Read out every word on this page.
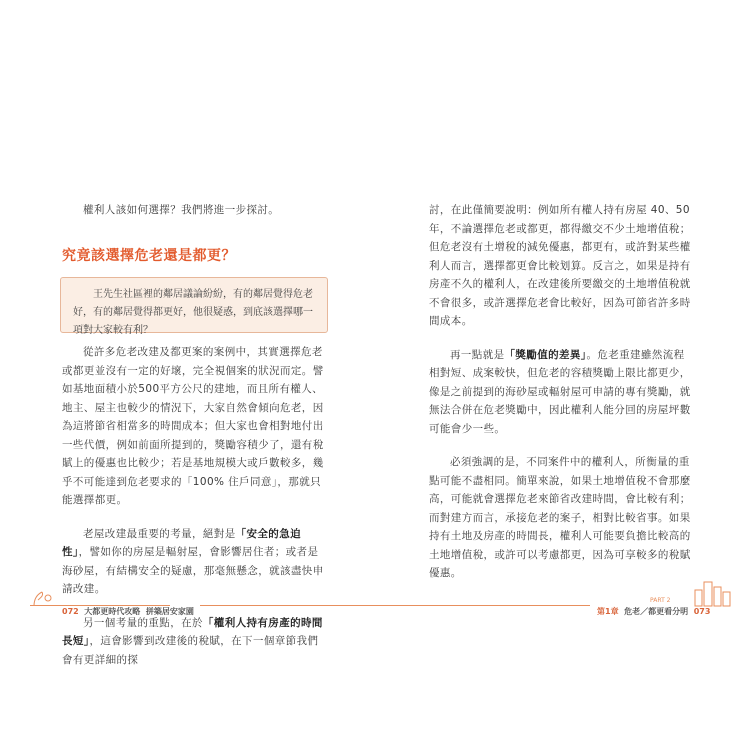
權利人該如何選擇？我們將進一步探討。

究竟該選擇危老還是都更？
王先生社區裡的鄰居議論紛紛，有的鄰居覺得危老好，有的鄰居覺得都更好，他很疑惑，到底該選擇哪一項對大家較有利？

從許多危老改建及都更案的案例中，其實選擇危老或都更並沒有一定的好壞，完全視個案的狀況而定。譬如基地面積小於500平方公尺的建地，而且所有權人、地主、屋主也較少的情況下，大家自然會傾向危老，因為這將節省相當多的時間成本；但大家也會相對地付出一些代價，例如前面所提到的，獎勵容積少了，還有稅賦上的優惠也比較少；若是基地規模大或戶數較多，幾乎不可能達到危老要求的「100% 住戶同意」，那就只能選擇都更。

老屋改建最重要的考量，絕對是「安全的急迫性」，譬如你的房屋是輻射屋，會影響居住者；或者是海砂屋，有結構安全的疑慮，那毫無懸念，就該盡快申請改建。

另一個考量的重點，在於「權利人持有房產的時間長短」，這會影響到改建後的稅賦，在下一個章節我們會有更詳細的探

072 大都更時代攻略 拼築居安家園

討，在此僅簡要說明：例如所有權人持有房屋 40、50 年，不論選擇危老或都更，都得繳交不少土地增值稅；但危老沒有土增稅的減免優惠，都更有，或許對某些權利人而言，選擇都更會比較划算。反言之，如果是持有房產不久的權利人，在改建後所要繳交的土地增值稅就不會很多，或許選擇危老會比較好，因為可節省許多時間成本。

再一點就是「獎勵值的差異」。危老重建雖然流程相對短、成案較快，但危老的容積獎勵上限比都更少，像是之前提到的海砂屋或輻射屋可申請的專有獎勵，就無法合併在危老獎勵中，因此權利人能分回的房屋坪數可能會少一些。

必須強調的是，不同案件中的權利人，所衡量的重點可能不盡相同。簡單來說，如果土地增值稅不會那麼高，可能就會選擇危老來節省改建時間，會比較有利；而對建方而言，承接危老的案子，相對比較省事。如果持有土地及房產的時間長，權利人可能要負擔比較高的土地增值稅，或許可以考慮都更，因為可享較多的稅賦優惠。

PART 2
第1章 危老／都更看分明 073
